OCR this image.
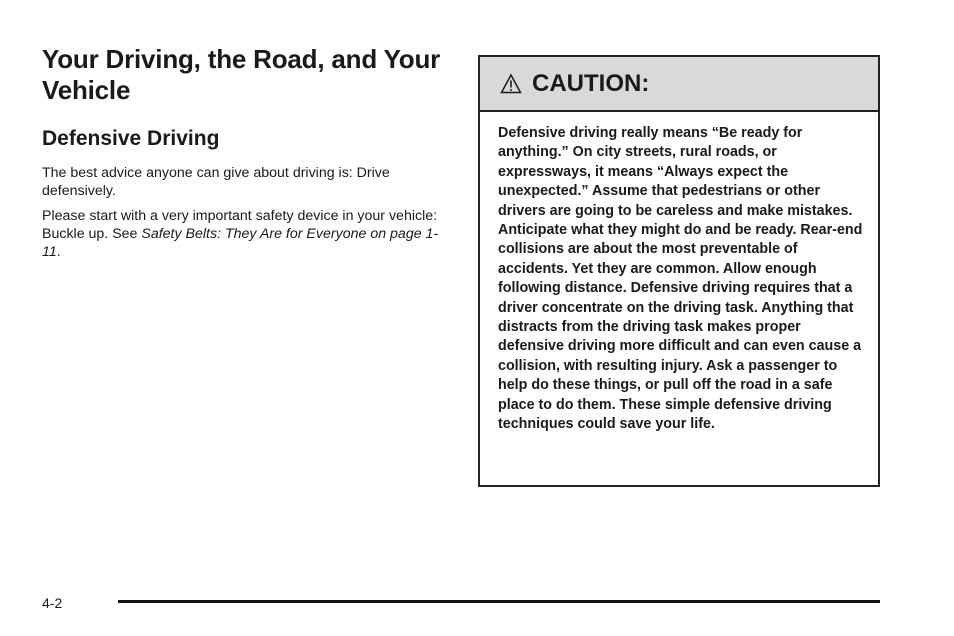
Your Driving, the Road, and Your Vehicle
Defensive Driving

The best advice anyone can give about driving is: Drive defensively.

Please start with a very important safety device in your vehicle: Buckle up. See Safety Belts: They Are for Everyone on page 1-11.

CAUTION:

Defensive driving really means “Be ready for anything.” On city streets, rural roads, or expressways, it means “Always expect the unexpected.” Assume that pedestrians or other drivers are going to be careless and make mistakes. Anticipate what they might do and be ready. Rear-end collisions are about the most preventable of accidents. Yet they are common. Allow enough following distance. Defensive driving requires that a driver concentrate on the driving task. Anything that distracts from the driving task makes proper defensive driving more difficult and can even cause a collision, with resulting injury. Ask a passenger to help do these things, or pull off the road in a safe place to do them. These simple defensive driving techniques could save your life.

4-2
